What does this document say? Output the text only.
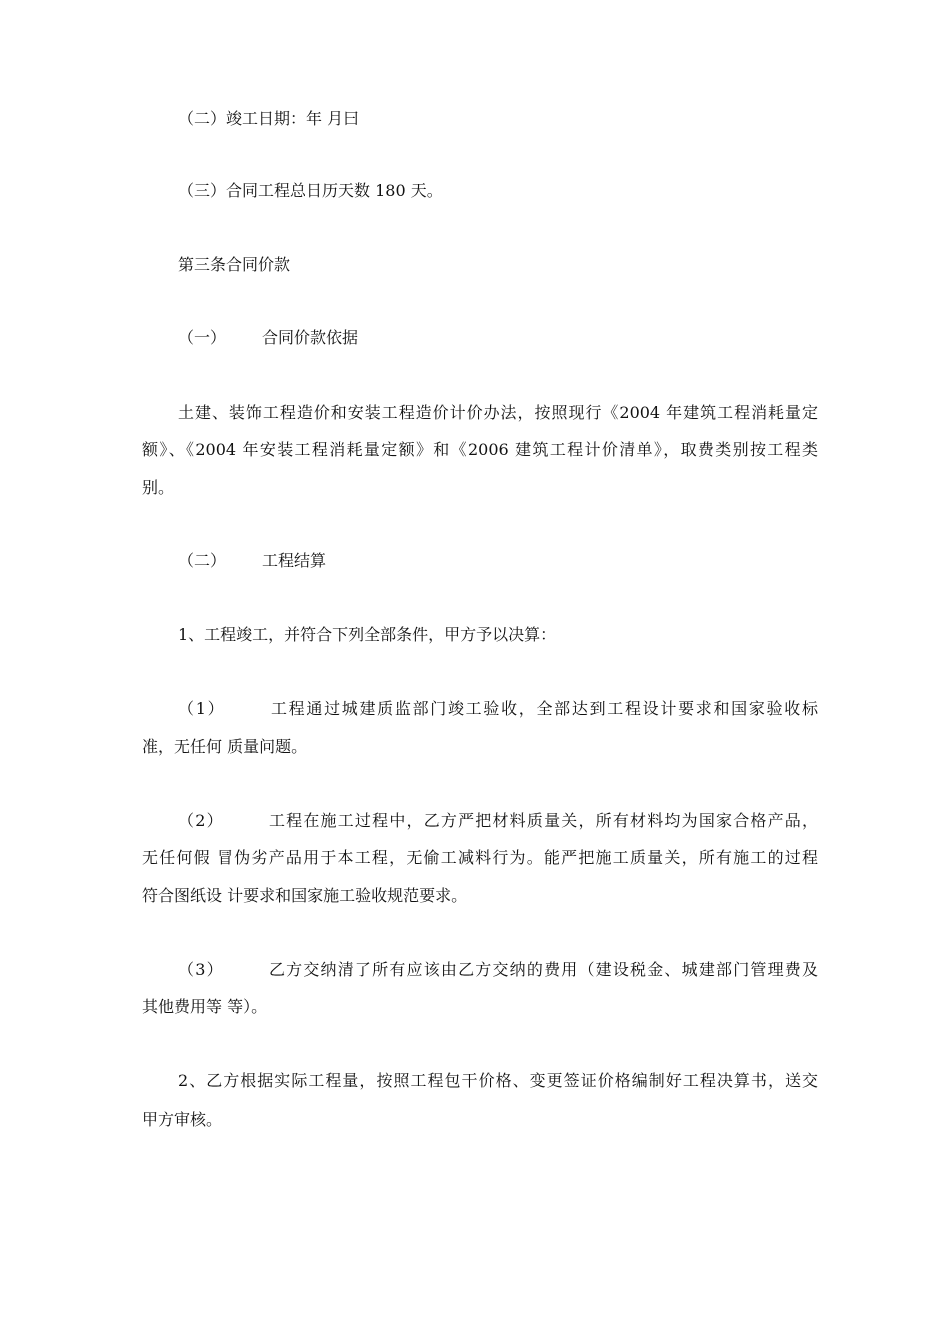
（二）竣工日期：年 月曰
（三）合同工程总日历天数 180 天。
第三条合同价款
（一） 合同价款依据
土建、装饰工程造价和安装工程造价计价办法，按照现行《2004 年建筑工程消耗量定
额》、《2004 年安装工程消耗量定额》和《2006 建筑工程计价清单》，取费类别按工程类
别。
（二） 工程结算
1、工程竣工，并符合下列全部条件，甲方予以决算：
（1）	工程通过城建质监部门竣工验收，全部达到工程设计要求和国家验收标
准，无任何 质量问题。
（2）	工程在施工过程中，乙方严把材料质量关，所有材料均为国家合格产品，
无任何假 冒伪劣产品用于本工程，无偷工减料行为。能严把施工质量关，所有施工的过程
符合图纸设 计要求和国家施工验收规范要求。
（3）	乙方交纳清了所有应该由乙方交纳的费用（建设税金、城建部门管理费及
其他费用等 等）。
2、乙方根据实际工程量，按照工程包干价格、变更签证价格编制好工程决算书，送交
甲方审核。
